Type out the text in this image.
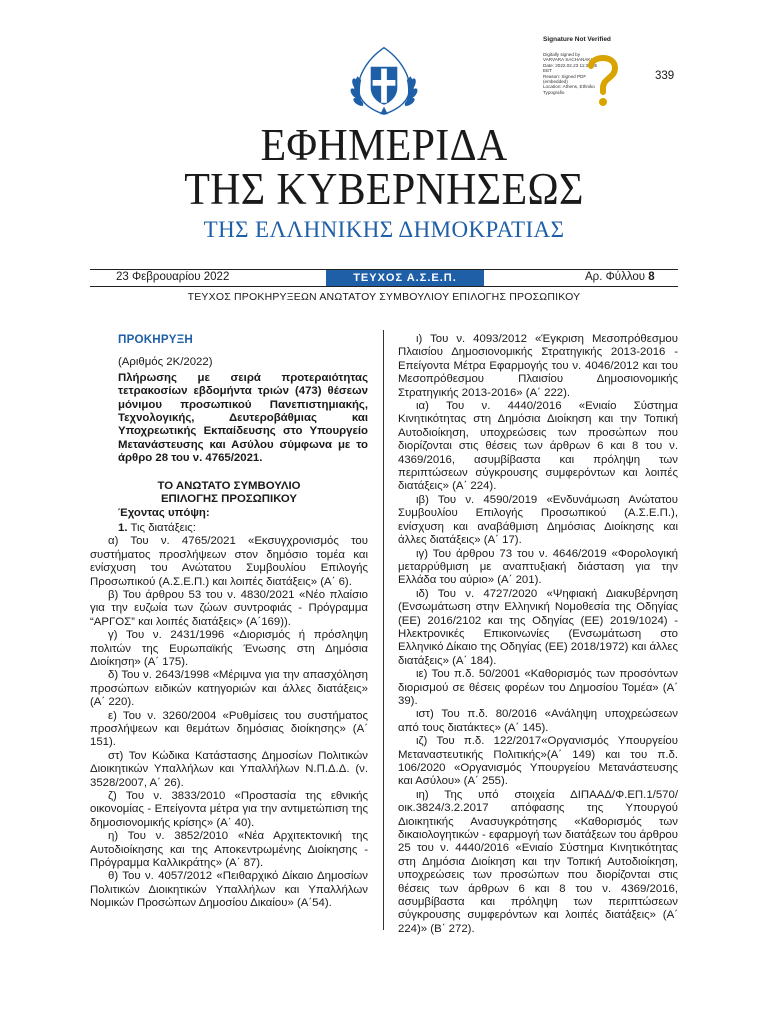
Signature Not Verified
Digitally signed by
VARVARA SACHANAKI
Date: 2022.02.23 11:38:05
EET
Reason: Signed PDF
(embedded)
Location: Athens, Ethniko
Typografio
339
ΕΦΗΜΕΡΙΔΑ
ΤΗΣ ΚΥΒΕΡΝΗΣΕΩΣ
ΤΗΣ ΕΛΛΗΝΙΚΗΣ ΔΗΜΟΚΡΑΤΙΑΣ
23 Φεβρουαρίου 2022	ΤΕΥΧΟΣ Α.Σ.Ε.Π.	Αρ. Φύλλου 8
ΤΕΥΧΟΣ ΠΡΟΚΗΡΥΞΕΩΝ ΑΝΩΤΑΤΟΥ ΣΥΜΒΟΥΛΙΟΥ ΕΠΙΛΟΓΗΣ ΠΡΟΣΩΠΙΚΟΥ

ΠΡΟΚΗΡΥΞΗ

(Αριθμός 2Κ/2022)

Πλήρωσης με σειρά προτεραιότητας τετρακοσίων εβδομήντα τριών (473) θέσεων μόνιμου προσωπικού Πανεπιστημιακής, Τεχνολογικής, Δευτεροβάθμιας και Υποχρεωτικής Εκπαίδευσης στο Υπουργείο Μετανάστευσης και Ασύλου σύμφωνα με το άρθρο 28 του ν. 4765/2021.

ΤΟ ΑΝΩΤΑΤΟ ΣΥΜΒΟΥΛΙΟ
ΕΠΙΛΟΓΗΣ ΠΡΟΣΩΠΙΚΟΥ

Έχοντας υπόψη:

1. Τις διατάξεις:

α) Του ν. 4765/2021 «Εκσυγχρονισμός του συστήματος προσλήψεων στον δημόσιο τομέα και ενίσχυση του Ανώτατου Συμβουλίου Επιλογής Προσωπικού (Α.Σ.Ε.Π.) και λοιπές διατάξεις» (Α΄ 6).

β) Του άρθρου 53 του ν. 4830/2021 «Νέο πλαίσιο για την ευζωία των ζώων συντροφιάς - Πρόγραμμα “ΑΡΓΟΣ” και λοιπές διατάξεις» (Α΄169)).

γ) Του ν. 2431/1996 «Διορισμός ή πρόσληψη πολιτών της Ευρωπαϊκής Ένωσης στη Δημόσια Διοίκηση» (Α΄ 175).

δ) Του ν. 2643/1998 «Μέριμνα για την απασχόληση προσώπων ειδικών κατηγοριών και άλλες διατάξεις» (Α΄ 220).

ε) Του ν. 3260/2004 «Ρυθμίσεις του συστήματος προσλήψεων και θεμάτων δημόσιας διοίκησης» (Α΄ 151).

στ) Τον Κώδικα Κατάστασης Δημοσίων Πολιτικών Διοικητικών Υπαλλήλων και Υπαλλήλων Ν.Π.Δ.Δ. (ν. 3528/2007, Α΄ 26).

ζ) Του ν. 3833/2010 «Προστασία της εθνικής οικονομίας - Επείγοντα μέτρα για την αντιμετώπιση της δημοσιονομικής κρίσης» (Α΄ 40).

η) Του ν. 3852/2010 «Νέα Αρχιτεκτονική της Αυτοδιοίκησης και της Αποκεντρωμένης Διοίκησης - Πρόγραμμα Καλλικράτης» (Α΄ 87).

θ) Του ν. 4057/2012 «Πειθαρχικό Δίκαιο Δημοσίων Πολιτικών Διοικητικών Υπαλλήλων και Υπαλλήλων Νομικών Προσώπων Δημοσίου Δικαίου» (Α΄54).

ι) Του ν. 4093/2012 «Έγκριση Μεσοπρόθεσμου Πλαισίου Δημοσιονομικής Στρατηγικής 2013-2016 - Επείγοντα Μέτρα Εφαρμογής του ν. 4046/2012 και του Μεσοπρόθεσμου Πλαισίου Δημοσιονομικής Στρατηγικής 2013-2016» (Α΄ 222).

ια) Του ν. 4440/2016 «Ενιαίο Σύστημα Κινητικότητας στη Δημόσια Διοίκηση και την Τοπική Αυτοδιοίκηση, υποχρεώσεις των προσώπων που διορίζονται στις θέσεις των άρθρων 6 και 8 του ν. 4369/2016, ασυμβίβαστα και πρόληψη των περιπτώσεων σύγκρουσης συμφερόντων και λοιπές διατάξεις» (Α΄ 224).

ιβ) Του ν. 4590/2019 «Ενδυνάμωση Ανώτατου Συμβουλίου Επιλογής Προσωπικού (Α.Σ.Ε.Π.), ενίσχυση και αναβάθμιση Δημόσιας Διοίκησης και άλλες διατάξεις» (Α΄ 17).

ιγ) Του άρθρου 73 του ν. 4646/2019 «Φορολογική μεταρρύθμιση με αναπτυξιακή διάσταση για την Ελλάδα του αύριο» (Α΄ 201).

ιδ) Του ν. 4727/2020 «Ψηφιακή Διακυβέρνηση (Ενσωμάτωση στην Ελληνική Νομοθεσία της Οδηγίας (ΕΕ) 2016/2102 και της Οδηγίας (ΕΕ) 2019/1024) - Ηλεκτρονικές Επικοινωνίες (Ενσωμάτωση στο Ελληνικό Δίκαιο της Οδηγίας (ΕΕ) 2018/1972) και άλλες διατάξεις» (Α΄ 184).

ιε) Του π.δ. 50/2001 «Καθορισμός των προσόντων διορισμού σε θέσεις φορέων του Δημοσίου Τομέα» (Α΄ 39).

ιστ) Του π.δ. 80/2016 «Ανάληψη υποχρεώσεων από τους διατάκτες» (Α΄ 145).

ιζ) Του π.δ. 122/2017«Οργανισμός Υπουργείου Μεταναστευτικής Πολιτικής»(Α΄ 149) και του π.δ. 106/2020 «Οργανισμός Υπουργείου Μετανάστευσης και Ασύλου» (Α΄ 255).

ιη) Της υπό στοιχεία ΔΙΠΑΑΔ/Φ.ΕΠ.1/570/οικ.3824/3.2.2017 απόφασης της Υπουργού Διοικητικής Ανασυγκρότησης «Καθορισμός των δικαιολογητικών - εφαρμογή των διατάξεων του άρθρου 25 του ν. 4440/2016 «Ενιαίο Σύστημα Κινητικότητας στη Δημόσια Διοίκηση και την Τοπική Αυτοδιοίκηση, υποχρεώσεις των προσώπων που διορίζονται στις θέσεις των άρθρων 6 και 8 του ν. 4369/2016, ασυμβίβαστα και πρόληψη των περιπτώσεων σύγκρουσης συμφερόντων και λοιπές διατάξεις» (Α΄ 224)» (Β΄ 272).
